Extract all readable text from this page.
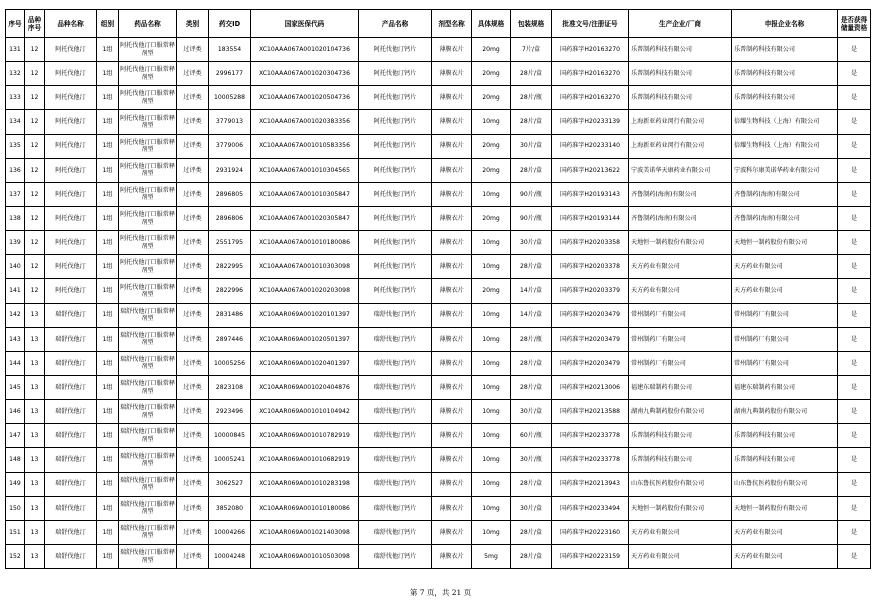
序号	品种序号	品种名称	组别	药品名称	类别	药交ID	国家医保代码	产品名称	剂型名称	具体规格	包装规格	批准文号/注册证号	生产企业/厂商	申报企业名称	是否获得储量资格
131	12	阿托伐他汀	1组	阿托伐他汀口服常释剂型	过评类	183554	XC10AAA067A001020104736	阿托伐他汀钙片	薄膜衣片	20mg	7片/盒	国药准字H20163270	乐普制药科技有限公司	乐普制药科技有限公司	是
132	12	阿托伐他汀	1组	阿托伐他汀口服常释剂型	过评类	2996177	XC10AAA067A001020304736	阿托伐他汀钙片	薄膜衣片	20mg	28片/盒	国药准字H20163270	乐普制药科技有限公司	乐普制药科技有限公司	是
133	12	阿托伐他汀	1组	阿托伐他汀口服常释剂型	过评类	10005288	XC10AAA067A001020504736	阿托伐他汀钙片	薄膜衣片	20mg	28片/瓶	国药准字H20163270	乐普制药科技有限公司	乐普制药科技有限公司	是
134	12	阿托伐他汀	1组	阿托伐他汀口服常释剂型	过评类	3779013	XC10AAA067A001020383356	阿托伐他汀钙片	薄膜衣片	10mg	28片/盒	国药准字H20233139	上海新亚药业闵行有限公司	倍耀生物科技（上海）有限公司	是
135	12	阿托伐他汀	1组	阿托伐他汀口服常释剂型	过评类	3779006	XC10AAA067A001010583356	阿托伐他汀钙片	薄膜衣片	20mg	30片/盒	国药准字H20233140	上海新亚药业闵行有限公司	倍耀生物科技（上海）有限公司	是
136	12	阿托伐他汀	1组	阿托伐他汀口服常释剂型	过评类	2931924	XC10AAA067A001010304565	阿托伐他汀钙片	薄膜衣片	20mg	28片/盒	国药准字H20213622	宁波美诺华天康药业有限公司	宁波科尔康美诺华药业有限公司	是
137	12	阿托伐他汀	1组	阿托伐他汀口服常释剂型	过评类	2896805	XC10AAA067A001010305847	阿托伐他汀钙片	薄膜衣片	10mg	90片/瓶	国药准字H20193143	齐鲁制药(海南)有限公司	齐鲁制药(海南)有限公司	是
138	12	阿托伐他汀	1组	阿托伐他汀口服常释剂型	过评类	2896806	XC10AAA067A001020305847	阿托伐他汀钙片	薄膜衣片	20mg	90片/瓶	国药准字H20193144	齐鲁制药(海南)有限公司	齐鲁制药(海南)有限公司	是
139	12	阿托伐他汀	1组	阿托伐他汀口服常释剂型	过评类	2551795	XC10AAA067A001010180086	阿托伐他汀钙片	薄膜衣片	10mg	30片/盒	国药准字H20203358	天地恒一制药股份有限公司	天地恒一制药股份有限公司	是
140	12	阿托伐他汀	1组	阿托伐他汀口服常释剂型	过评类	2822995	XC10AAA067A001010303098	阿托伐他汀钙片	薄膜衣片	10mg	28片/盒	国药准字H20203378	天方药业有限公司	天方药业有限公司	是
141	12	阿托伐他汀	1组	阿托伐他汀口服常释剂型	过评类	2822996	XC10AAA067A001020203098	阿托伐他汀钙片	薄膜衣片	20mg	14片/盒	国药准字H20203379	天方药业有限公司	天方药业有限公司	是
142	13	瑞舒伐他汀	1组	瑞舒伐他汀口服常释剂型	过评类	2831486	XC10AAR069A001020101397	瑞舒伐他汀钙片	薄膜衣片	10mg	14片/盒	国药准字H20203479	常州制药厂有限公司	常州制药厂有限公司	是
143	13	瑞舒伐他汀	1组	瑞舒伐他汀口服常释剂型	过评类	2897446	XC10AAR069A001020501397	瑞舒伐他汀钙片	薄膜衣片	10mg	28片/瓶	国药准字H20203479	常州制药厂有限公司	常州制药厂有限公司	是
144	13	瑞舒伐他汀	1组	瑞舒伐他汀口服常释剂型	过评类	10005256	XC10AAR069A001020401397	瑞舒伐他汀钙片	薄膜衣片	10mg	28片/盒	国药准字H20203479	常州制药厂有限公司	常州制药厂有限公司	是
145	13	瑞舒伐他汀	1组	瑞舒伐他汀口服常释剂型	过评类	2823108	XC10AAR069A001020404876	瑞舒伐他汀钙片	薄膜衣片	10mg	28片/盒	国药准字H20213006	福建东瑞制药有限公司	福建东瑞制药有限公司	是
146	13	瑞舒伐他汀	1组	瑞舒伐他汀口服常释剂型	过评类	2923496	XC10AAR069A001010104942	瑞舒伐他汀钙片	薄膜衣片	10mg	30片/盒	国药准字H20213588	湖南九典制药股份有限公司	湖南九典制药股份有限公司	是
147	13	瑞舒伐他汀	1组	瑞舒伐他汀口服常释剂型	过评类	10000845	XC10AAR069A001010782919	瑞舒伐他汀钙片	薄膜衣片	10mg	60片/瓶	国药准字H20233778	乐普制药科技有限公司	乐普制药科技有限公司	是
148	13	瑞舒伐他汀	1组	瑞舒伐他汀口服常释剂型	过评类	10005241	XC10AAR069A001010682919	瑞舒伐他汀钙片	薄膜衣片	10mg	30片/瓶	国药准字H20233778	乐普制药科技有限公司	乐普制药科技有限公司	是
149	13	瑞舒伐他汀	1组	瑞舒伐他汀口服常释剂型	过评类	3062527	XC10AAR069A001010283198	瑞舒伐他汀钙片	薄膜衣片	10mg	28片/盒	国药准字H20213943	山东鲁抗医药股份有限公司	山东鲁抗医药股份有限公司	是
150	13	瑞舒伐他汀	1组	瑞舒伐他汀口服常释剂型	过评类	3852080	XC10AAR069A001010180086	瑞舒伐他汀钙片	薄膜衣片	10mg	30片/盒	国药准字H20233494	天地恒一制药股份有限公司	天地恒一制药股份有限公司	是
151	13	瑞舒伐他汀	1组	瑞舒伐他汀口服常释剂型	过评类	10004266	XC10AAR069A001021403098	瑞舒伐他汀钙片	薄膜衣片	10mg	28片/盒	国药准字H20223160	天方药业有限公司	天方药业有限公司	是
152	13	瑞舒伐他汀	1组	瑞舒伐他汀口服常释剂型	过评类	10004248	XC10AAR069A001010503098	瑞舒伐他汀钙片	薄膜衣片	5mg	28片/盒	国药准字H20223159	天方药业有限公司	天方药业有限公司	是
第 7 页，共 21 页
